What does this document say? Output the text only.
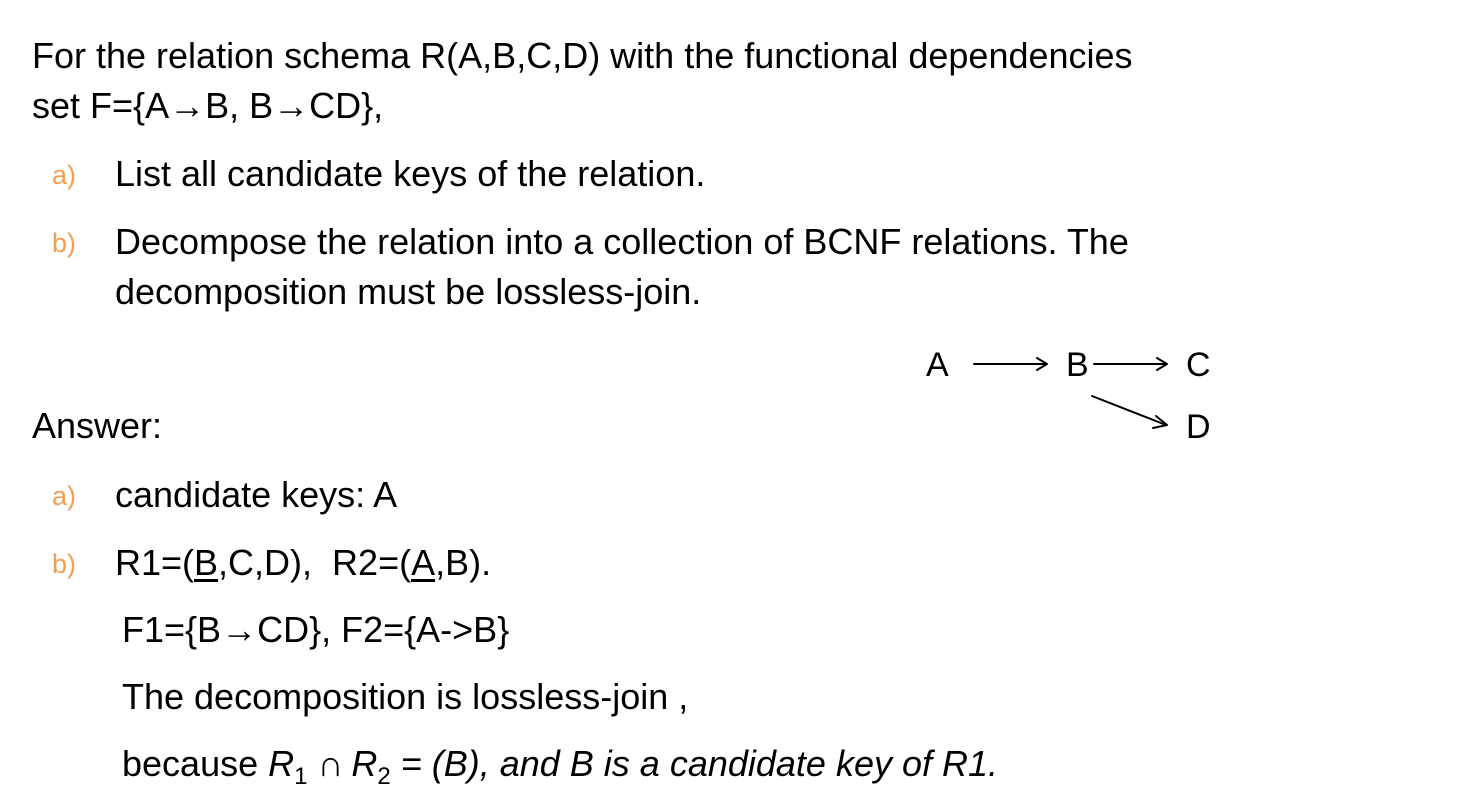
For the relation schema R(A,B,C,D) with the functional dependencies
set F={A→B, B→CD},
a) List all candidate keys of the relation.
b) Decompose the relation into a collection of BCNF relations. The
decomposition must be lossless-join.
A	B	C
D
Answer:
a) candidate keys: A
b) R1=(B,C,D), R2=(A,B).
F1={B→CD}, F2={A->B}
The decomposition is lossless-join ,
because $R_1$ ∩ $R_2 = (B)$, and B is a candidate key of R1.
